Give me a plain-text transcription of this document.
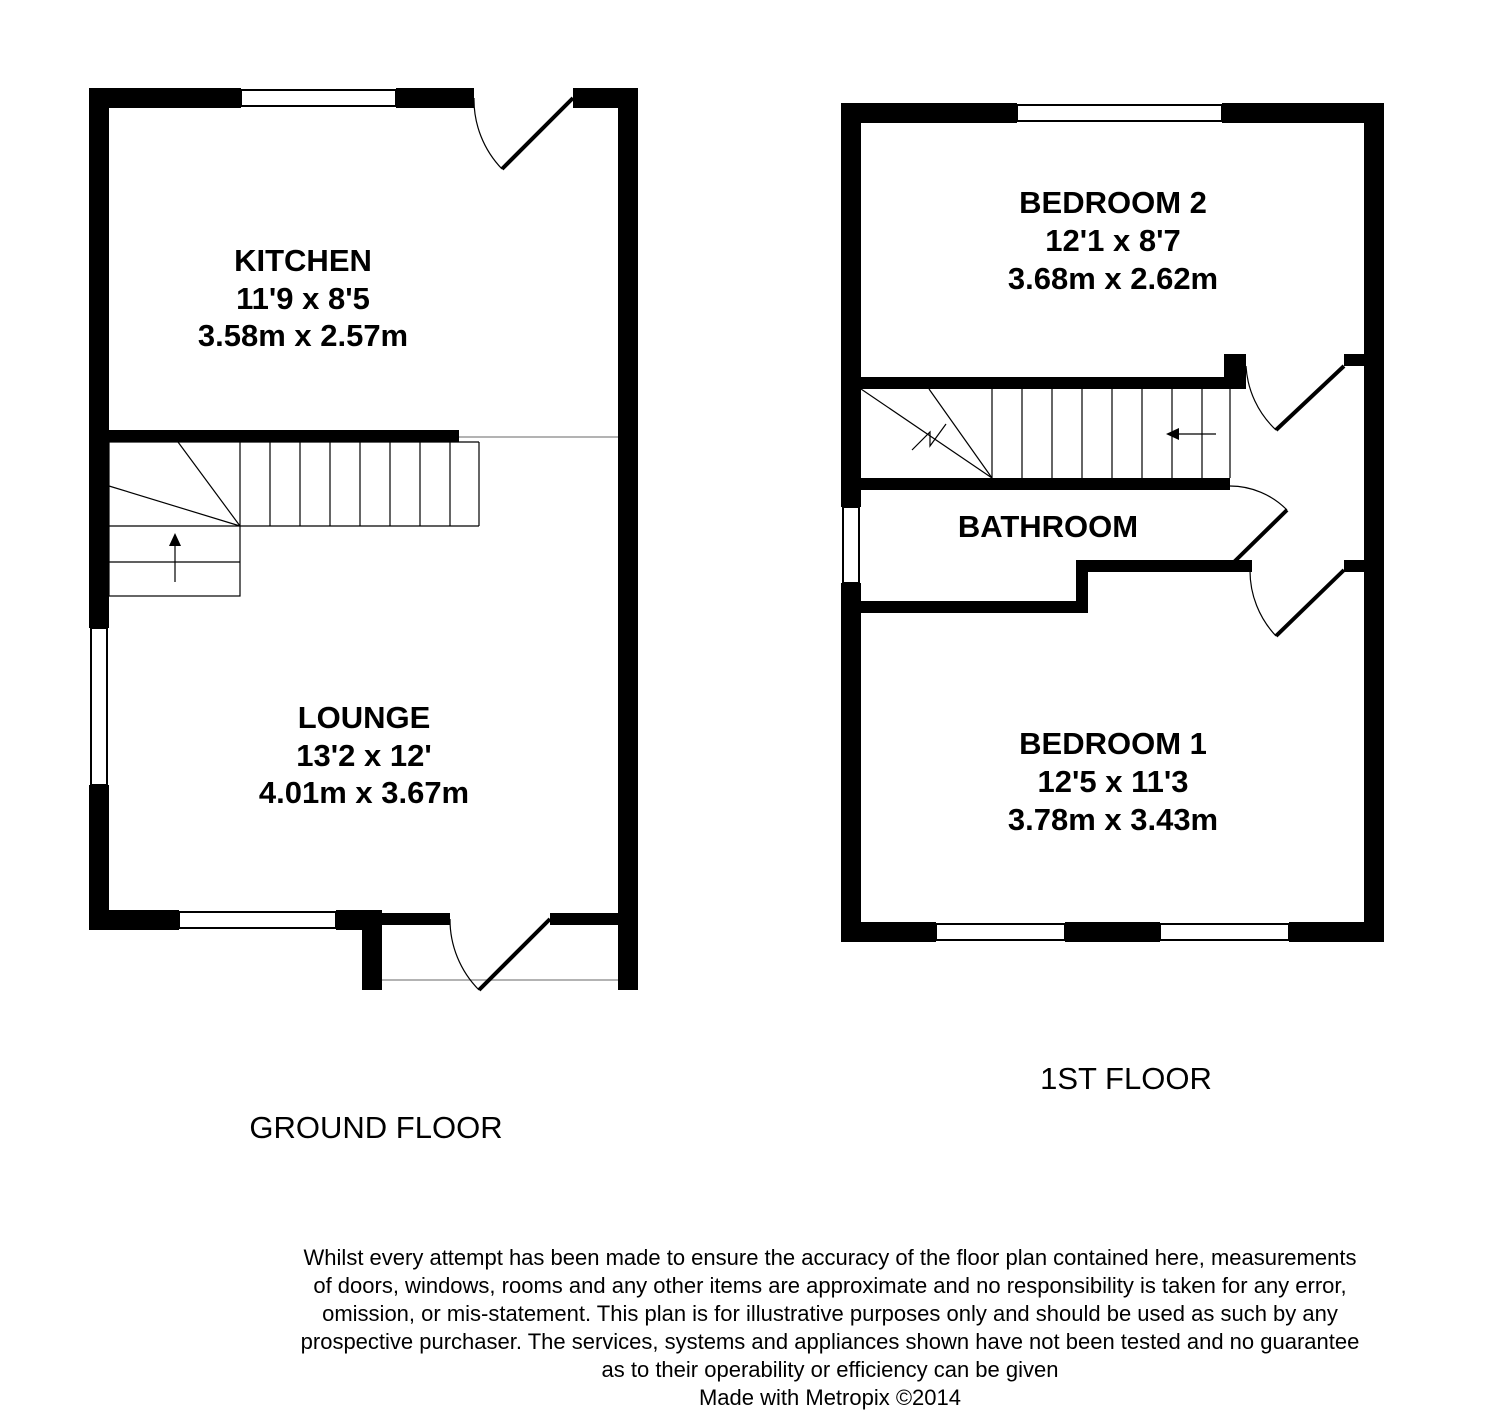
KITCHEN
11'9 x 8'5
3.58m x 2.57m
LOUNGE
13'2 x 12'
4.01m x 3.67m
GROUND FLOOR
BEDROOM 2
12'1 x 8'7
3.68m x 2.62m
BATHROOM
BEDROOM 1
12'5 x 11'3
3.78m x 3.43m
1ST FLOOR
Whilst every attempt has been made to ensure the accuracy of the floor plan contained here, measurements
of doors, windows, rooms and any other items are approximate and no responsibility is taken for any error,
omission, or mis-statement. This plan is for illustrative purposes only and should be used as such by any
prospective purchaser. The services, systems and appliances shown have not been tested and no guarantee
as to their operability or efficiency can be given
Made with Metropix ©2014
